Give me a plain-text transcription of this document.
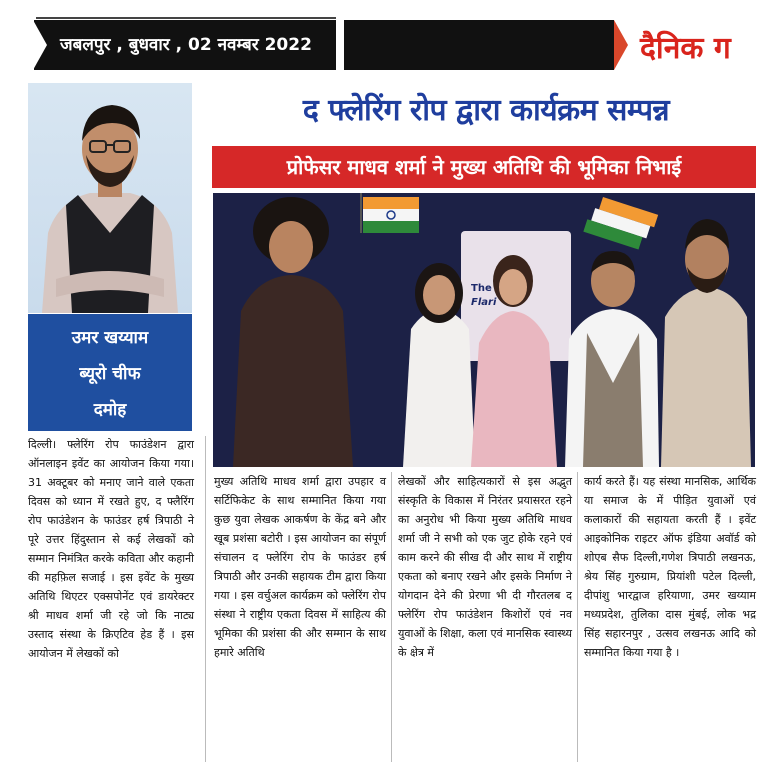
जबलपुर , बुधवार , 02 नवम्बर 2022	दैनिक ग
उमर खय्याम
ब्यूरो चीफ
दमोह
द फ्लेरिंग रोप द्वारा कार्यक्रम सम्पन्न
प्रोफेसर माधव शर्मा ने मुख्य अतिथि की भूमिका निभाई
The
Flari
दिल्ली। फ्लेरिंग रोप फाउंडेशन द्वारा ऑनलाइन इवेंट का आयोजन किया गया। 31 अक्टूबर को मनाए जाने वाले एकता दिवस को ध्यान में रखते हुए, द फ्लैरिंग रोप फाउंडेशन के फाउंडर हर्ष त्रिपाठी ने पूरे उत्तर हिंदुस्तान से कई लेखकों को सम्मान निमंत्रित करके कविता और कहानी की महफ़िल सजाई । इस इवेंट के मुख्य अतिथि थिएटर एक्सपोनेंट एवं डायरेक्टर श्री माधव शर्मा जी रहे जो कि नाट्य उस्ताद संस्था के क्रिएटिव हेड हैं । इस आयोजन में लेखकों को
मुख्य अतिथि माधव शर्मा द्वारा उपहार व सर्टिफिकेट के साथ सम्मानित किया गया कुछ युवा लेखक आकर्षण के केंद्र बने और खूब प्रशंसा बटोरी । इस आयोजन का संपूर्ण संचालन द फ्लेरिंग रोप के फाउंडर हर्ष त्रिपाठी और उनकी सहायक टीम द्वारा किया गया । इस वर्चुअल कार्यक्रम को फ्लेरिंग रोप संस्था ने राष्ट्रीय एकता दिवस में साहित्य की भूमिका की प्रशंसा की और सम्मान के साथ हमारे अतिथि
लेखकों और साहित्यकारों से इस अद्भुत संस्कृति के विकास में निरंतर प्रयासरत रहने का अनुरोध भी किया मुख्य अतिथि माधव शर्मा जी ने सभी को एक जुट होके रहने एवं काम करने की सीख दी और साथ में राष्ट्रीय एकता को बनाए रखने और इसके निर्माण ने योगदान देने की प्रेरणा भी दी गौरतलब द फ्लेरिंग रोप फाउंडेशन किशोरों एवं नव युवाओं के शिक्षा, कला एवं मानसिक स्वास्थ्य के क्षेत्र में
कार्य करते हैं। यह संस्था मानसिक, आर्थिक या समाज के में पीड़ित युवाओं एवं कलाकारों की सहायता करती हैं । इवेंट आइकोनिक राइटर ऑफ इंडिया अवॉर्ड को शोएब सैफ दिल्ली,गणेश त्रिपाठी लखनऊ, श्रेय सिंह गुरुग्राम, प्रियांशी पटेल दिल्ली, दीपांशु भारद्वाज हरियाणा, उमर खय्याम मध्यप्रदेश, तुलिका दास मुंबई, लोक भद्र सिंह सहारनपुर , उत्सव लखनऊ आदि को सम्मानित किया गया है ।
